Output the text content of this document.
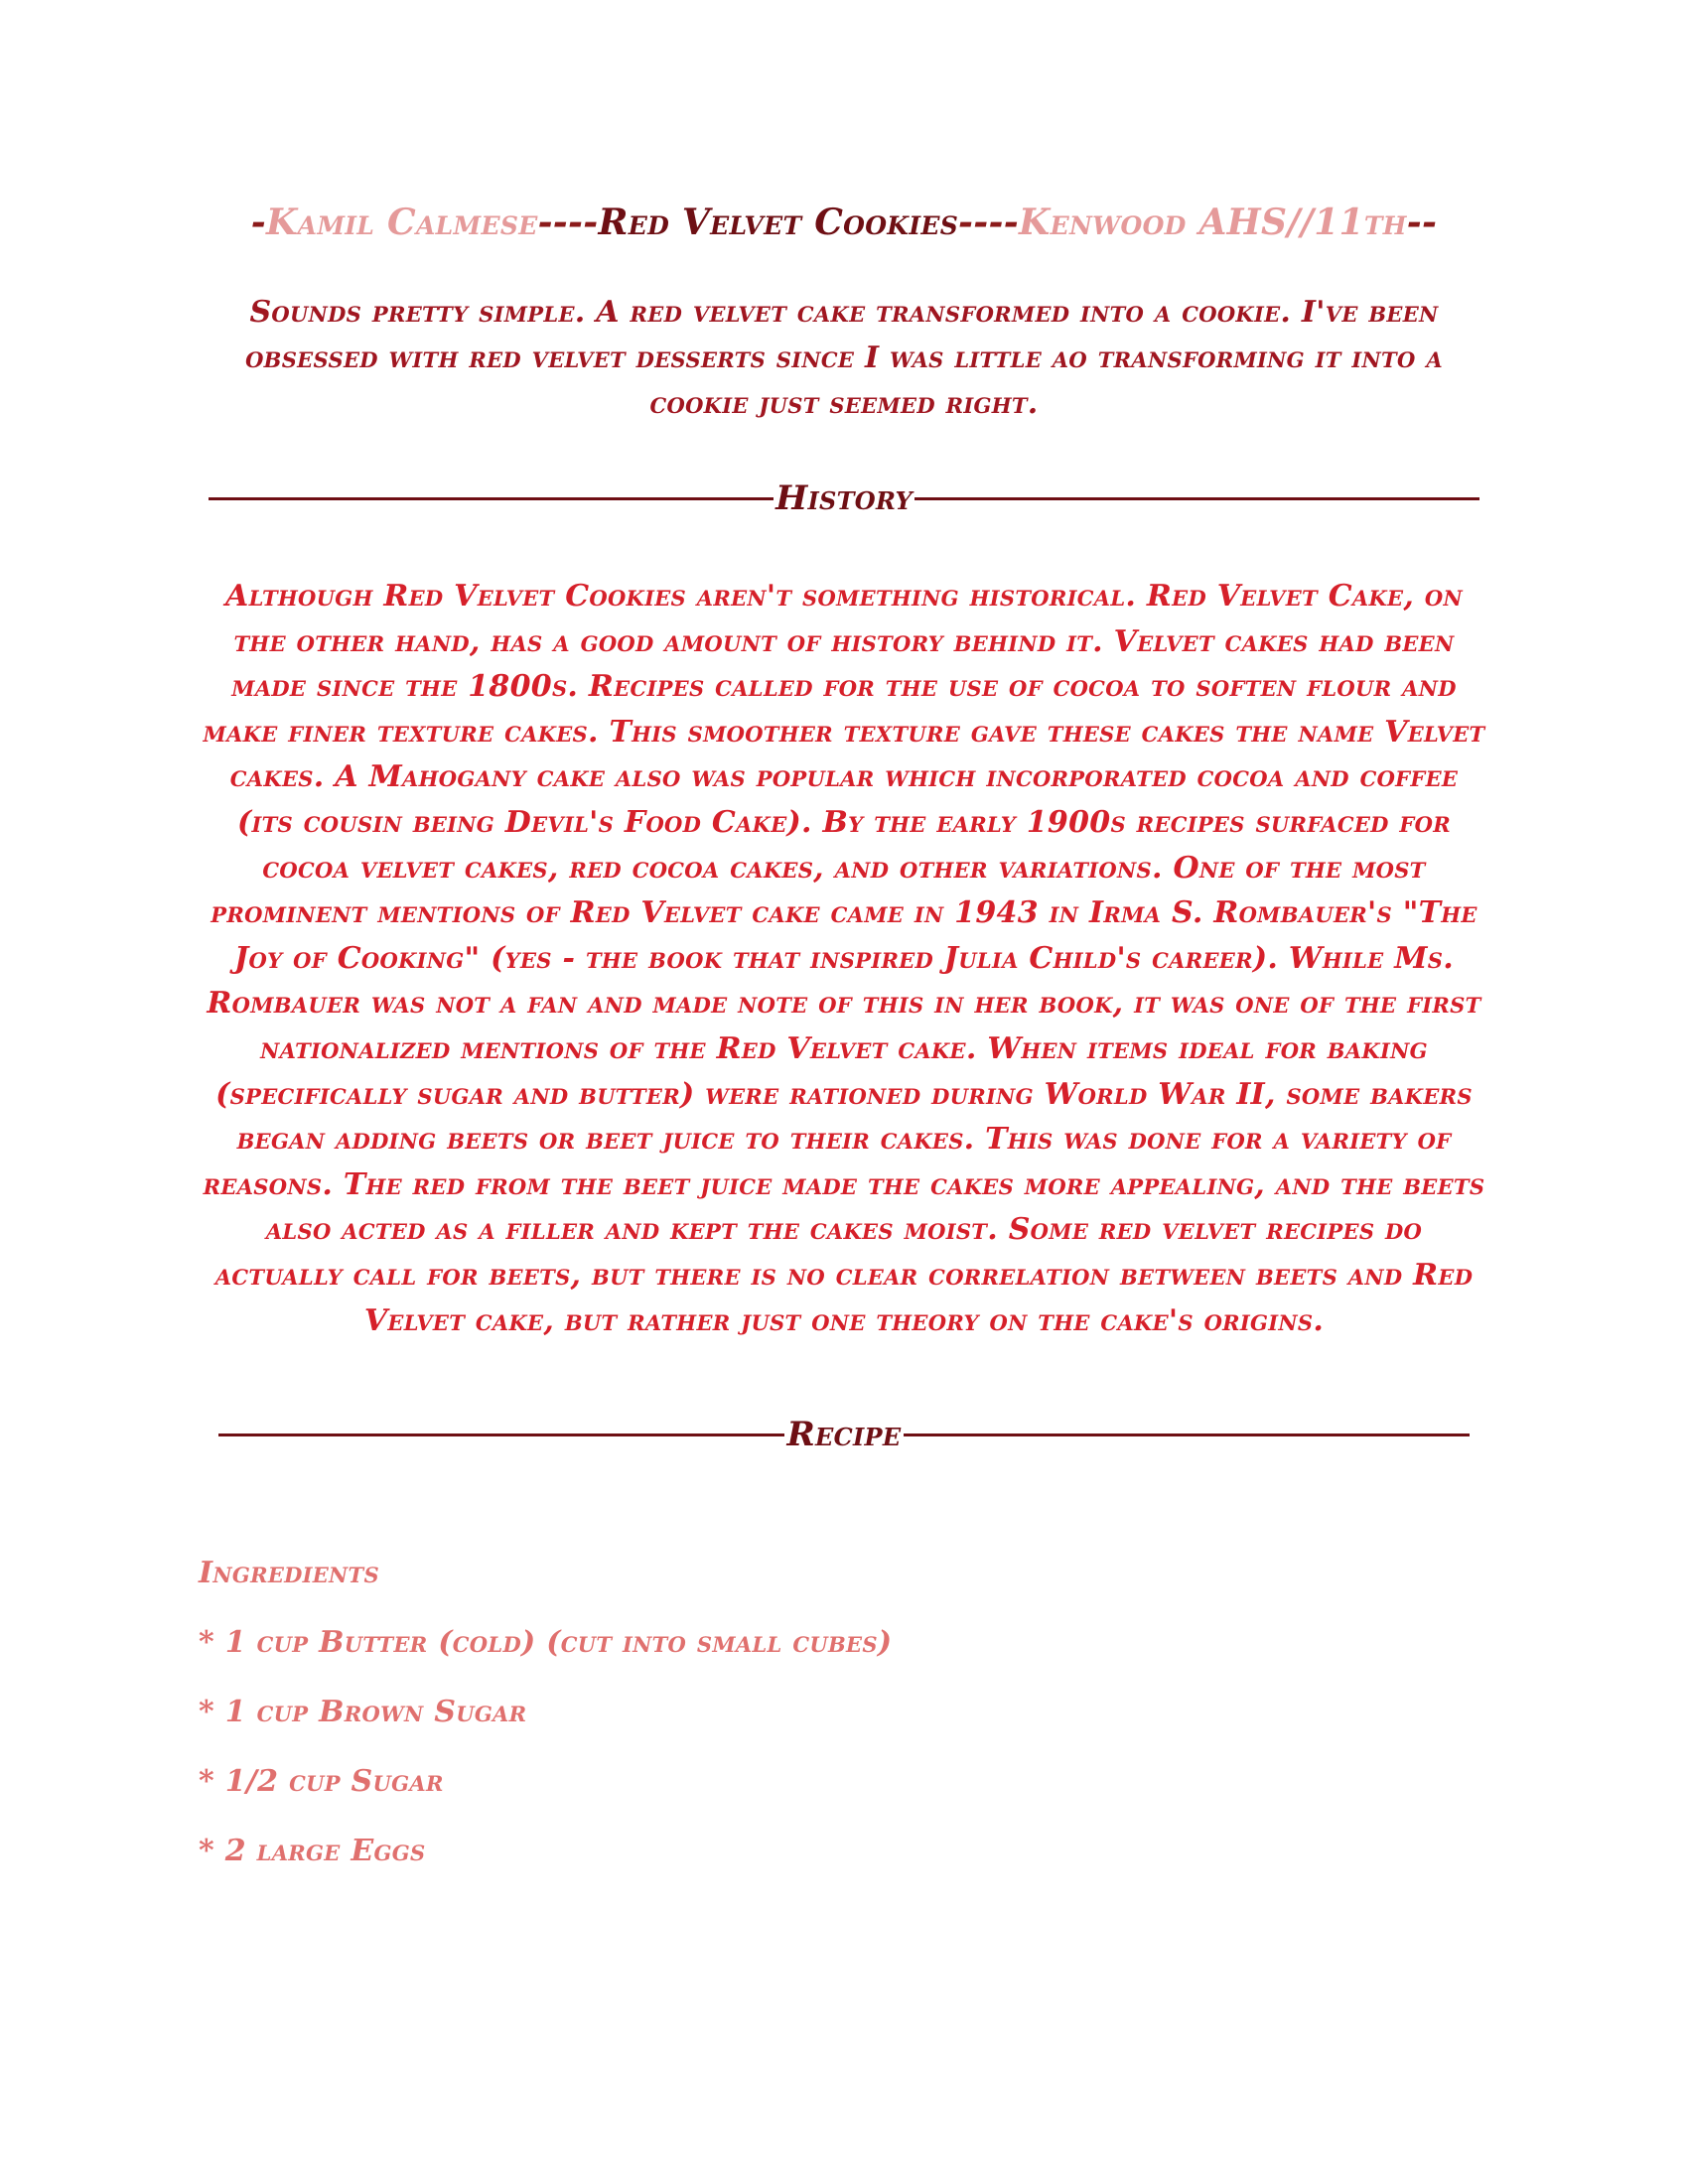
-Kamil Calmese----Red Velvet Cookies----Kenwood AHS//11th--
Sounds pretty simple. A red velvet cake transformed into a cookie. I've been obsessed with red velvet desserts since I was little ao transforming it into a cookie just seemed right.
History
Although Red Velvet Cookies aren't something historical. Red Velvet Cake, on the other hand, has a good amount of history behind it. Velvet cakes had been made since the 1800s. Recipes called for the use of cocoa to soften flour and make finer texture cakes. This smoother texture gave these cakes the name Velvet cakes. A Mahogany cake also was popular which incorporated cocoa and coffee (its cousin being Devil's Food Cake). By the early 1900s recipes surfaced for cocoa velvet cakes, red cocoa cakes, and other variations. One of the most prominent mentions of Red Velvet cake came in 1943 in Irma S. Rombauer's "The Joy of Cooking" (yes - the book that inspired Julia Child's career). While Ms. Rombauer was not a fan and made note of this in her book, it was one of the first nationalized mentions of the Red Velvet cake. When items ideal for baking (specifically sugar and butter) were rationed during World War II, some bakers began adding beets or beet juice to their cakes. This was done for a variety of reasons. The red from the beet juice made the cakes more appealing, and the beets also acted as a filler and kept the cakes moist. Some red velvet recipes do actually call for beets, but there is no clear correlation between beets and Red Velvet cake, but rather just one theory on the cake's origins.
Recipe
Ingredients
* 1 cup Butter (cold) (cut into small cubes)
* 1 cup Brown Sugar
* 1/2 cup Sugar
* 2 large Eggs
